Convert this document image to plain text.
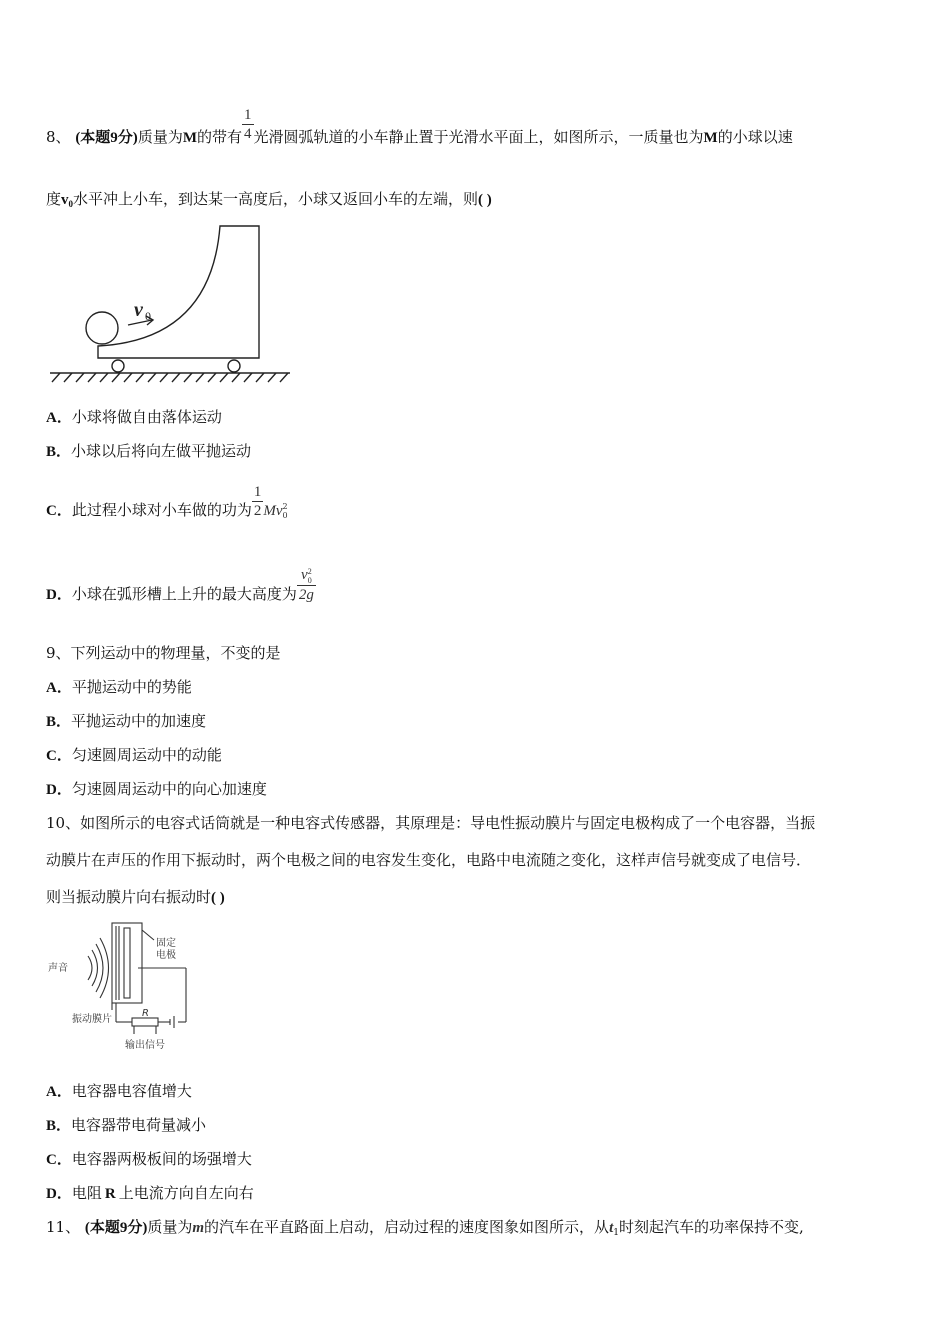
8、 (本题9分)质量为M的带有 $\frac{1}{4}$ 光滑圆弧轨道的小车静止置于光滑水平面上，如图所示，一质量也为M的小球以速
度$v_0$水平冲上小车，到达某一高度后，小球又返回小车的左端，则( )
v 0
A．小球将做自由落体运动
B．小球以后将向左做平抛运动
C．此过程小球对小车做的功为 $\frac{1}{2}$ Mv 2
0
D．小球在弧形槽上上升的最大高度为 v 2
0
2g
9、下列运动中的物理量，不变的是
A．平抛运动中的势能
B．平抛运动中的加速度
C．匀速圆周运动中的动能
D．匀速圆周运动中的向心加速度
10、如图所示的电容式话筒就是一种电容式传感器，其原理是：导电性振动膜片与固定电极构成了一个电容器，当振
动膜片在声压的作用下振动时，两个电极之间的电容发生变化，电路中电流随之变化，这样声信号就变成了电信号．
则当振动膜片向右振动时( )
声音
固定
电极
振动膜片
R
输出信号
A．电容器电容值增大
B．电容器带电荷量减小
C．电容器两极板间的场强增大
D．电阻 R 上电流方向自左向右
11、 (本题9分)质量为m的汽车在平直路面上启动，启动过程的速度图象如图所示，从$t_1$时刻起汽车的功率保持不变,
